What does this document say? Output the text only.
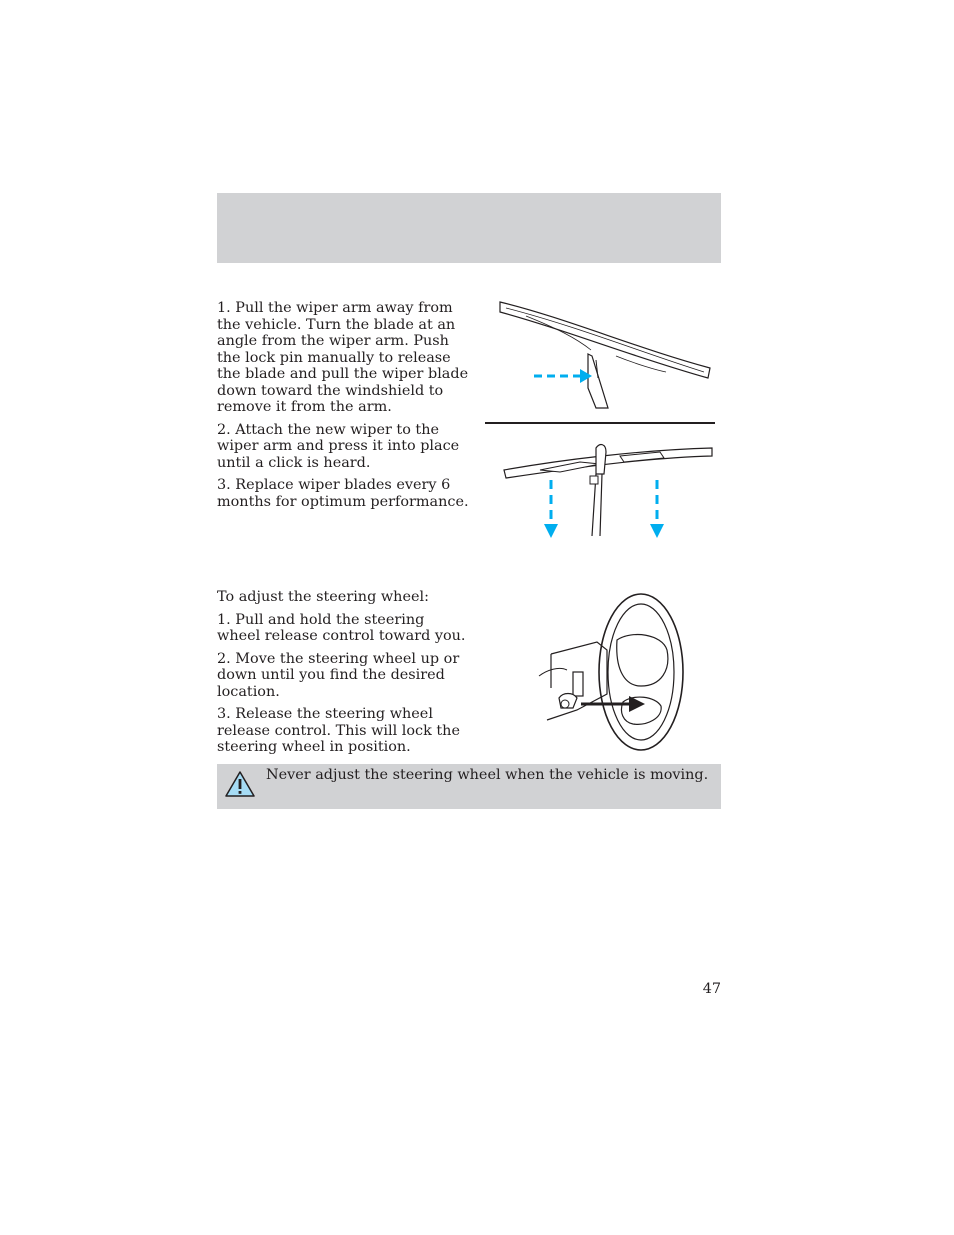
1. Pull the wiper arm away from the vehicle. Turn the blade at an angle from the wiper arm. Push the lock pin manually to release the blade and pull the wiper blade down toward the windshield to remove it from the arm.

2. Attach the new wiper to the wiper arm and press it into place until a click is heard.

3. Replace wiper blades every 6 months for optimum performance.

To adjust the steering wheel:

1. Pull and hold the steering wheel release control toward you.

2. Move the steering wheel up or down until you find the desired location.

3. Release the steering wheel release control. This will lock the steering wheel in position.

Never adjust the steering wheel when the vehicle is moving.
47
